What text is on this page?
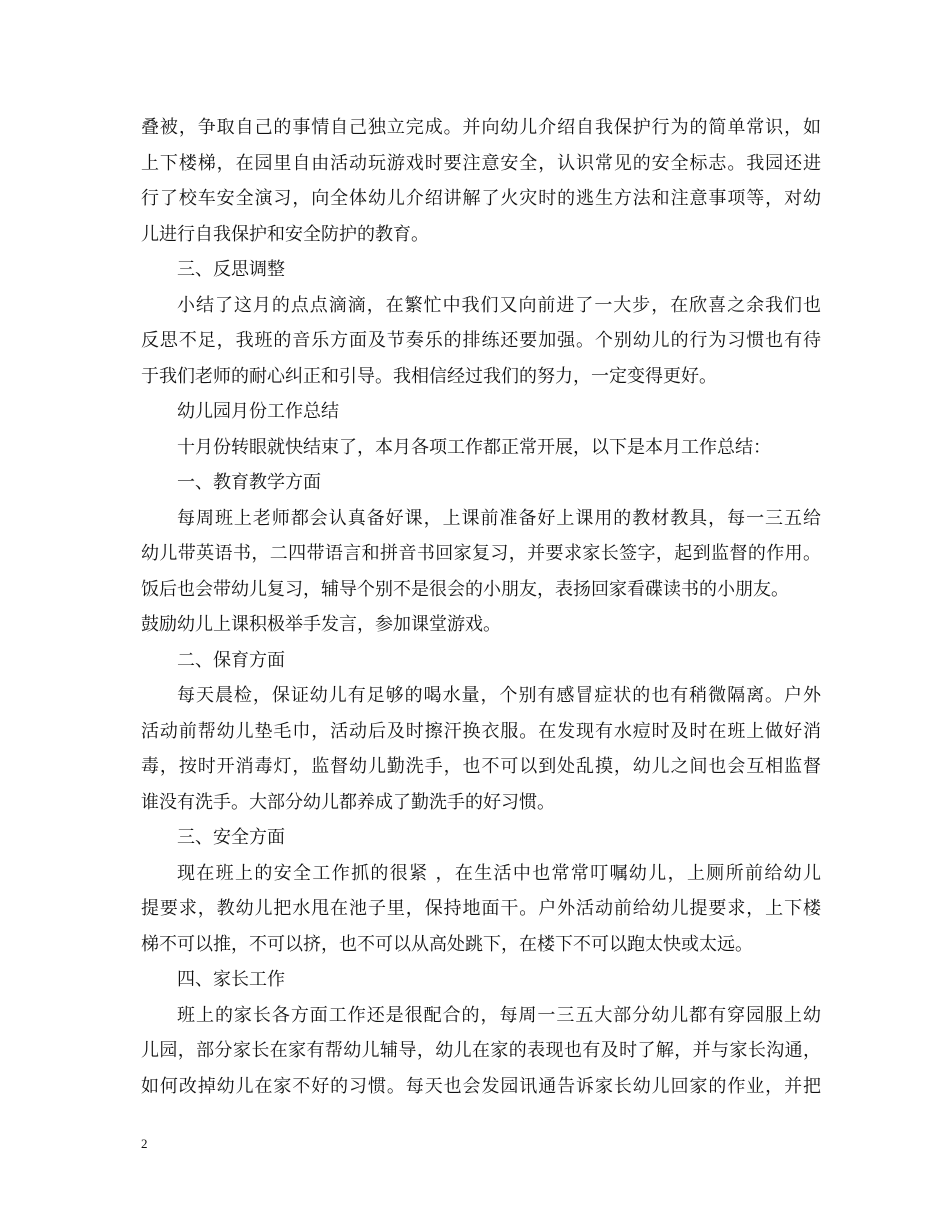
叠被，争取自己的事情自己独立完成。并向幼儿介绍自我保护行为的简单常识，如
上下楼梯，在园里自由活动玩游戏时要注意安全，认识常见的安全标志。我园还进
行了校车安全演习，向全体幼儿介绍讲解了火灾时的逃生方法和注意事项等，对幼
儿进行自我保护和安全防护的教育。
三、反思调整
小结了这月的点点滴滴，在繁忙中我们又向前进了一大步，在欣喜之余我们也
反思不足，我班的音乐方面及节奏乐的排练还要加强。个别幼儿的行为习惯也有待
于我们老师的耐心纠正和引导。我相信经过我们的努力，一定变得更好。
幼儿园月份工作总结
十月份转眼就快结束了，本月各项工作都正常开展，以下是本月工作总结：
一、教育教学方面
每周班上老师都会认真备好课，上课前准备好上课用的教材教具，每一三五给
幼儿带英语书，二四带语言和拼音书回家复习，并要求家长签字，起到监督的作用。
饭后也会带幼儿复习，辅导个别不是很会的小朋友，表扬回家看碟读书的小朋友。
鼓励幼儿上课积极举手发言，参加课堂游戏。
二、保育方面
每天晨检，保证幼儿有足够的喝水量，个别有感冒症状的也有稍微隔离。户外
活动前帮幼儿垫毛巾，活动后及时擦汗换衣服。在发现有水痘时及时在班上做好消
毒，按时开消毒灯，监督幼儿勤洗手，也不可以到处乱摸，幼儿之间也会互相监督
谁没有洗手。大部分幼儿都养成了勤洗手的好习惯。
三、安全方面
现在班上的安全工作抓的很紧 ，在生活中也常常叮嘱幼儿，上厕所前给幼儿
提要求，教幼儿把水甩在池子里，保持地面干。户外活动前给幼儿提要求，上下楼
梯不可以推，不可以挤，也不可以从高处跳下，在楼下不可以跑太快或太远。
四、家长工作
班上的家长各方面工作还是很配合的，每周一三五大部分幼儿都有穿园服上幼
儿园，部分家长在家有帮幼儿辅导，幼儿在家的表现也有及时了解，并与家长沟通，
如何改掉幼儿在家不好的习惯。每天也会发园讯通告诉家长幼儿回家的作业，并把
2
